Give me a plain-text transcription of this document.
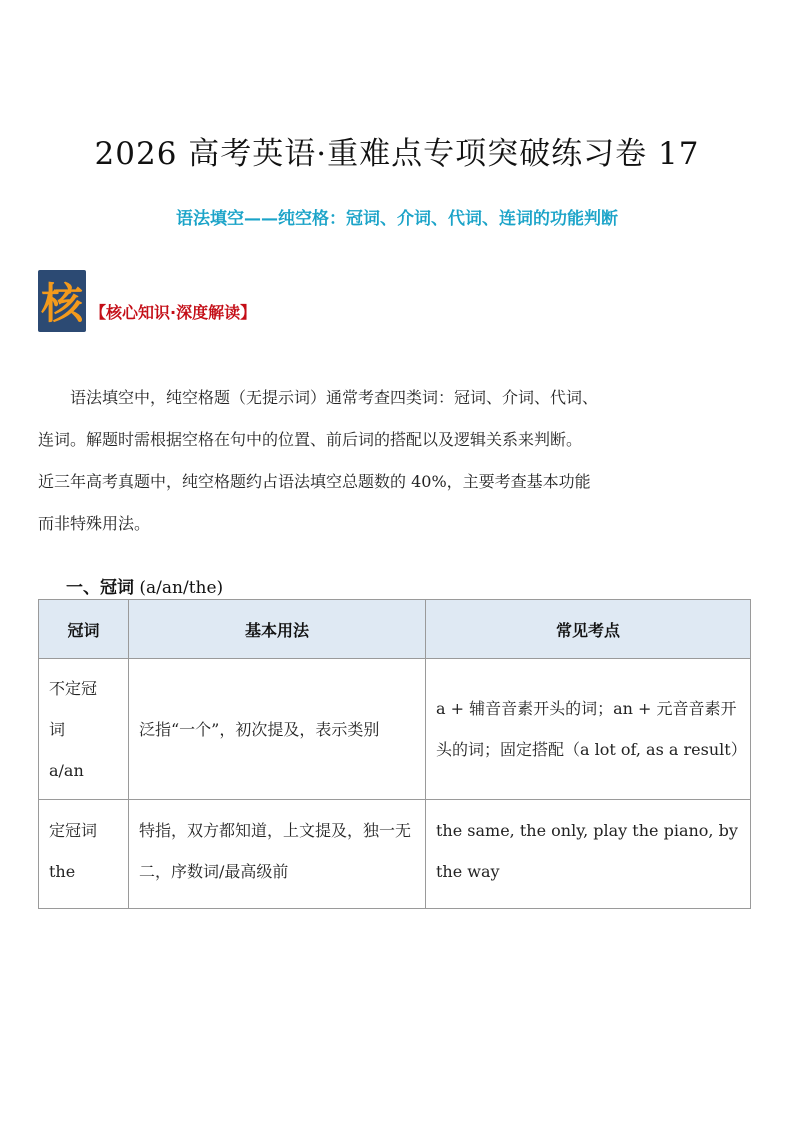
2026 高考英语·重难点专项突破练习卷 17
语法填空——纯空格：冠词、介词、代词、连词的功能判断
核 【核心知识·深度解读】

语法填空中，纯空格题（无提示词）通常考查四类词：冠词、介词、代词、

连词。解题时需根据空格在句中的位置、前后词的搭配以及逻辑关系来判断。

近三年高考真题中，纯空格题约占语法填空总题数的 40%，主要考查基本功能

而非特殊用法。

一、冠词 (a/an/the)
冠词	基本用法	常见考点

不定冠
词
a/an	泛指“一个”，初次提及，表示类别	a + 辅音音素开头的词；an + 元音音素开头的词；固定搭配（a lot of, as a result）

定冠词
the	特指，双方都知道，上文提及，独一无二，序数词/最高级前	the same, the only, play the piano, by the way
